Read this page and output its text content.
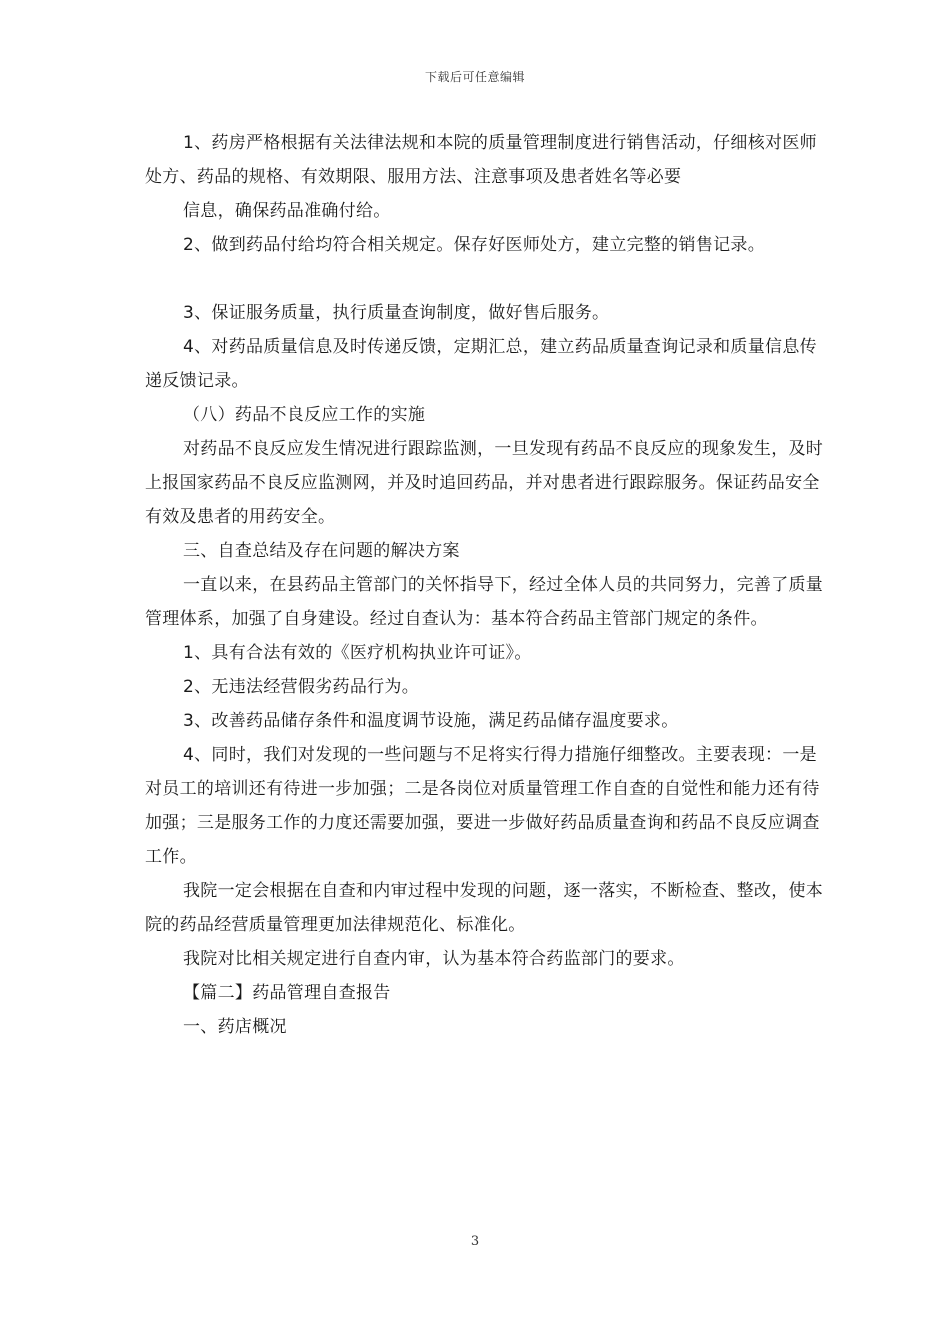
下载后可任意编辑

1、药房严格根据有关法律法规和本院的质量管理制度进行销售活动，仔细核对医师处方、药品的规格、有效期限、服用方法、注意事项及患者姓名等必要

信息，确保药品准确付给。

2、做到药品付给均符合相关规定。保存好医师处方，建立完整的销售记录。

3、保证服务质量，执行质量查询制度，做好售后服务。

4、对药品质量信息及时传递反馈，定期汇总，建立药品质量查询记录和质量信息传递反馈记录。

（八）药品不良反应工作的实施

对药品不良反应发生情况进行跟踪监测，一旦发现有药品不良反应的现象发生，及时上报国家药品不良反应监测网，并及时追回药品，并对患者进行跟踪服务。保证药品安全有效及患者的用药安全。

三、自查总结及存在问题的解决方案

一直以来，在县药品主管部门的关怀指导下，经过全体人员的共同努力，完善了质量管理体系，加强了自身建设。经过自查认为：基本符合药品主管部门规定的条件。

1、具有合法有效的《医疗机构执业许可证》。

2、无违法经营假劣药品行为。

3、改善药品储存条件和温度调节设施，满足药品储存温度要求。

4、同时，我们对发现的一些问题与不足将实行得力措施仔细整改。主要表现：一是对员工的培训还有待进一步加强；二是各岗位对质量管理工作自查的自觉性和能力还有待加强；三是服务工作的力度还需要加强，要进一步做好药品质量查询和药品不良反应调查工作。

我院一定会根据在自查和内审过程中发现的问题，逐一落实，不断检查、整改，使本院的药品经营质量管理更加法律规范化、标准化。

我院对比相关规定进行自查内审，认为基本符合药监部门的要求。

【篇二】药品管理自查报告

一、药店概况

3
